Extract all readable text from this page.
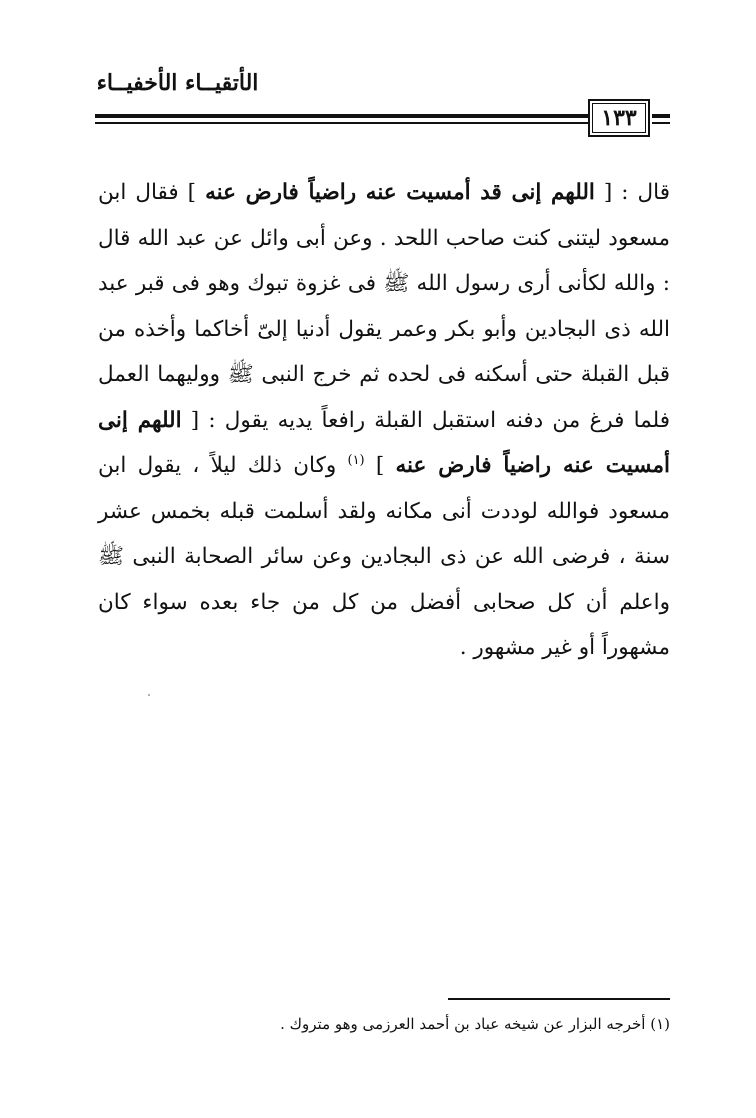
الأتقيــاء الأخفيــاء
١٣٣
قال : [ اللهم إنى قد أمسيت عنه راضياً فارض عنه ] فقال ابن مسعود ليتنى كنت صاحب اللحد . وعن أبى وائل عن عبد الله قال : والله لكأنى أرى رسول الله ﷺ فى غزوة تبوك وهو فى قبر عبد الله ذى البجادين وأبو بكر وعمر يقول أدنيا إلىّ أخاكما وأخذه من قبل القبلة حتى أسكنه فى لحده ثم خرج النبى ﷺ ووليهما العمل فلما فرغ من دفنه استقبل القبلة رافعاً يديه يقول : [ اللهم إنى أمسيت عنه راضياً فارض عنه ] $^{(١)}$ وكان ذلك ليلاً ، يقول ابن مسعود فوالله لوددت أنى مكانه ولقد أسلمت قبله بخمس عشر سنة ، فرضى الله عن ذى البجادين وعن سائر الصحابة النبى ﷺ واعلم أن كل صحابى أفضل من كل من جاء بعده سواء كان مشهوراً أو غير مشهور .
(١) أخرجه البزار عن شيخه عباد بن أحمد العرزمى وهو متروك .
